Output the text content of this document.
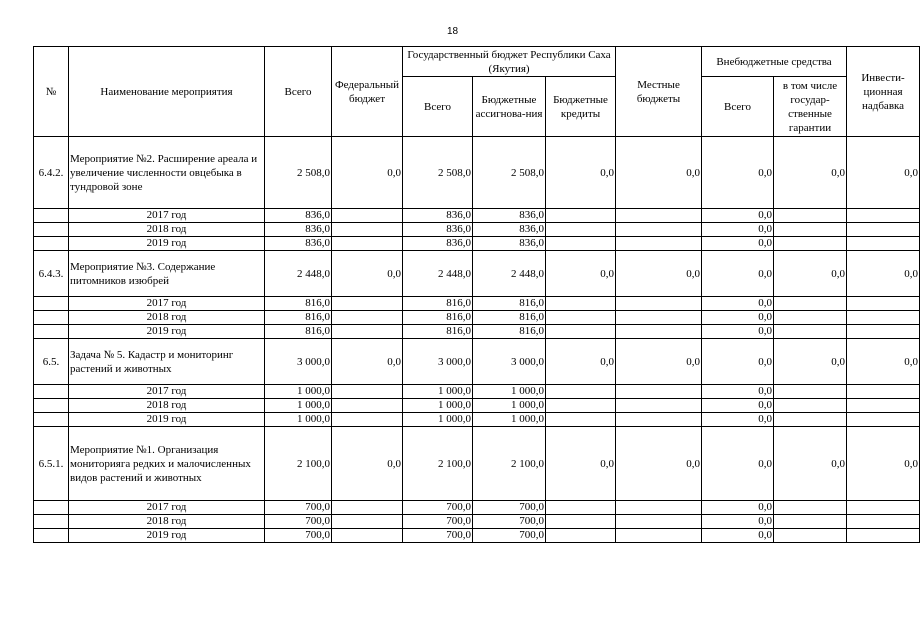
18
№	Наименование мероприятия	Всего	Федеральный бюджет	Государственный бюджет Республики Саха (Якутия)			Местные бюджеты	Внебюджетные средства		Инвести-ционная надбавка
				Всего	Бюджетные ассигнова-ния	Бюджетные кредиты		Всего	в том числе государ-ственные гарантии	
6.4.2.	Мероприятие №2. Расширение ареала и увеличение численности овцебыка в тундровой зоне	2 508,0	0,0	2 508,0	2 508,0	0,0	0,0	0,0	0,0	0,0
	2017 год	836,0		836,0	836,0			0,0		
	2018 год	836,0		836,0	836,0			0,0		
	2019 год	836,0		836,0	836,0			0,0		
6.4.3.	Мероприятие №3. Содержание питомников изюбрей	2 448,0	0,0	2 448,0	2 448,0	0,0	0,0	0,0	0,0	0,0
	2017 год	816,0		816,0	816,0			0,0		
	2018 год	816,0		816,0	816,0			0,0		
	2019 год	816,0		816,0	816,0			0,0		
6.5.	Задача № 5. Кадастр и мониторинг растений и животных	3 000,0	0,0	3 000,0	3 000,0	0,0	0,0	0,0	0,0	0,0
	2017 год	1 000,0		1 000,0	1 000,0			0,0		
	2018 год	1 000,0		1 000,0	1 000,0			0,0		
	2019 год	1 000,0		1 000,0	1 000,0			0,0		
6.5.1.	Мероприятие №1. Организация мониторияга редких и малочисленных видов растений и животных	2 100,0	0,0	2 100,0	2 100,0	0,0	0,0	0,0	0,0	0,0
	2017 год	700,0		700,0	700,0			0,0		
	2018 год	700,0		700,0	700,0			0,0		
	2019 год	700,0		700,0	700,0			0,0		
